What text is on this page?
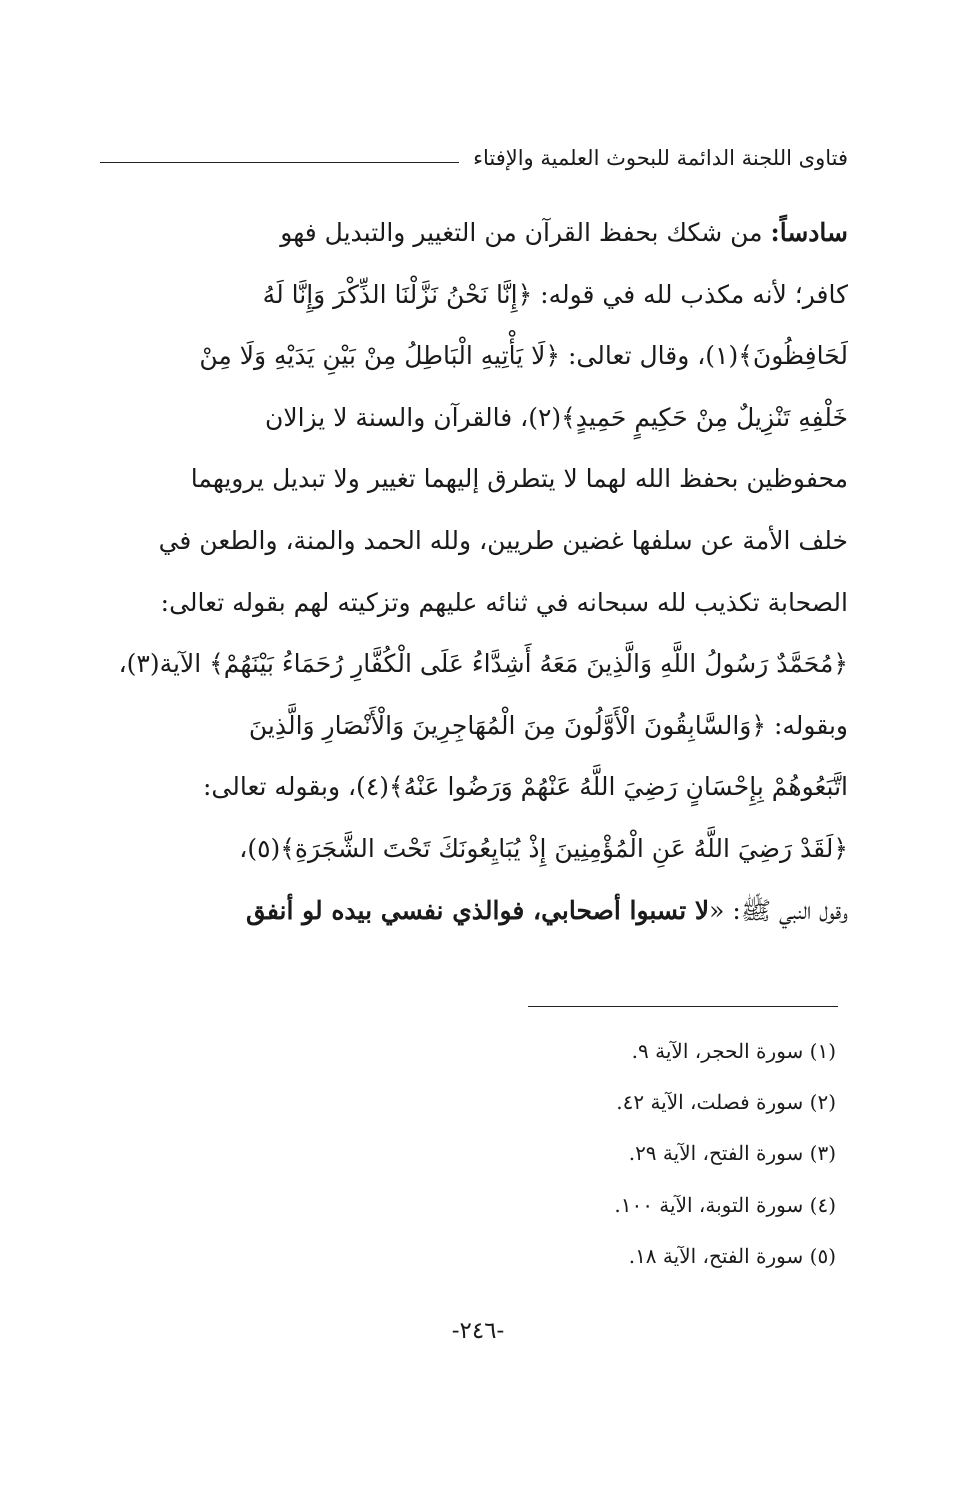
فتاوى اللجنة الدائمة للبحوث العلمية والإفتاء
سادساً: من شكك بحفظ القرآن من التغيير والتبديل فهو
كافر؛ لأنه مكذب لله في قوله: ﴿إِنَّا نَحْنُ نَزَّلْنَا الذِّكْرَ وَإِنَّا لَهُ
لَحَافِظُونَ﴾(١)، وقال تعالى: ﴿لَا يَأْتِيهِ الْبَاطِلُ مِنْ بَيْنِ يَدَيْهِ وَلَا مِنْ
خَلْفِهِ تَنْزِيلٌ مِنْ حَكِيمٍ حَمِيدٍ﴾(٢)، فالقرآن والسنة لا يزالان
محفوظين بحفظ الله لهما لا يتطرق إليهما تغيير ولا تبديل يرويهما
خلف الأمة عن سلفها غضين طريين، ولله الحمد والمنة، والطعن في
الصحابة تكذيب لله سبحانه في ثنائه عليهم وتزكيته لهم بقوله تعالى:
﴿مُحَمَّدٌ رَسُولُ اللَّهِ وَالَّذِينَ مَعَهُ أَشِدَّاءُ عَلَى الْكُفَّارِ رُحَمَاءُ بَيْنَهُمْ﴾ الآية(٣)،
وبقوله: ﴿وَالسَّابِقُونَ الْأَوَّلُونَ مِنَ الْمُهَاجِرِينَ وَالْأَنْصَارِ وَالَّذِينَ
اتَّبَعُوهُمْ بِإِحْسَانٍ رَضِيَ اللَّهُ عَنْهُمْ وَرَضُوا عَنْهُ﴾(٤)، وبقوله تعالى:
﴿لَقَدْ رَضِيَ اللَّهُ عَنِ الْمُؤْمِنِينَ إِذْ يُبَايِعُونَكَ تَحْتَ الشَّجَرَةِ﴾(٥)،
وقول النبي ﷺ: «لا تسبوا أصحابي، فوالذي نفسي بيده لو أنفق
(١) سورة الحجر، الآية ٩.
(٢) سورة فصلت، الآية ٤٢.
(٣) سورة الفتح، الآية ٢٩.
(٤) سورة التوبة، الآية ١٠٠.
(٥) سورة الفتح، الآية ١٨.
-٢٤٦-
